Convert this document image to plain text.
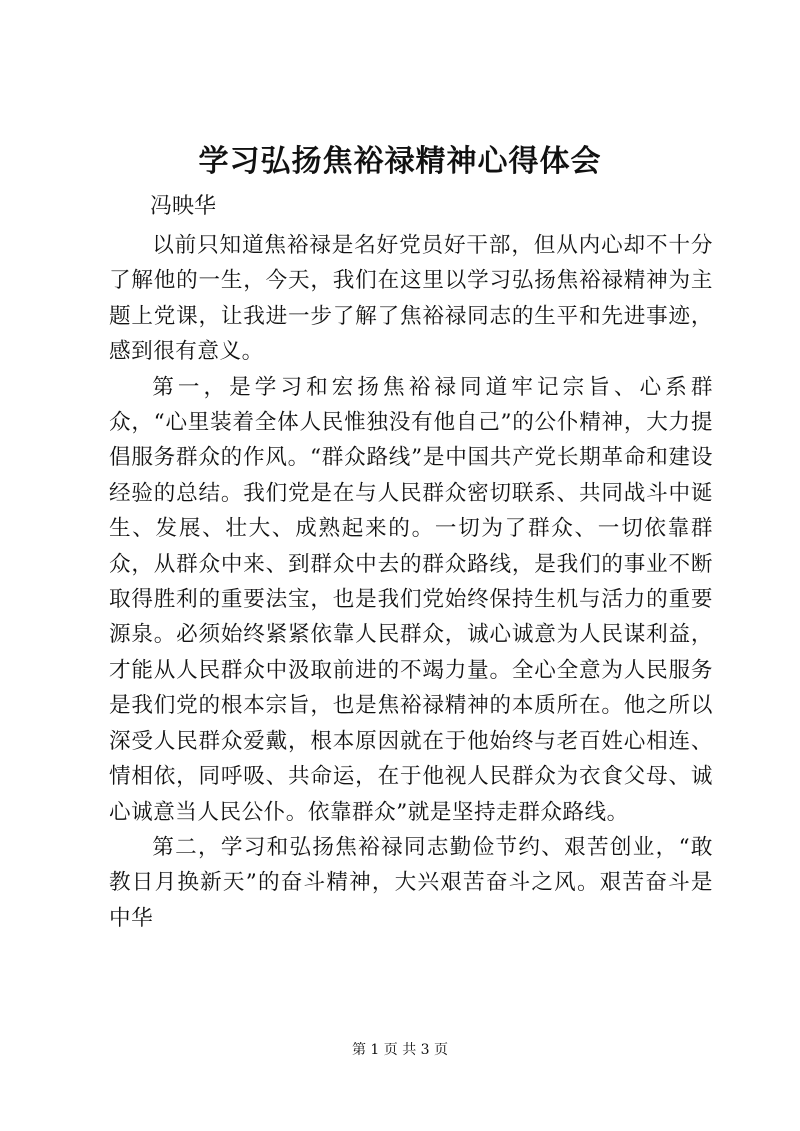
学习弘扬焦裕禄精神心得体会
冯映华

以前只知道焦裕禄是名好党员好干部，但从内心却不十分了解他的一生，今天，我们在这里以学习弘扬焦裕禄精神为主题上党课，让我进一步了解了焦裕禄同志的生平和先进事迹，感到很有意义。

第一，是学习和宏扬焦裕禄同道牢记宗旨、心系群众，“心里装着全体人民惟独没有他自己”的公仆精神，大力提倡服务群众的作风。“群众路线”是中国共产党长期革命和建设经验的总结。我们党是在与人民群众密切联系、共同战斗中诞生、发展、壮大、成熟起来的。一切为了群众、一切依靠群众，从群众中来、到群众中去的群众路线，是我们的事业不断取得胜利的重要法宝，也是我们党始终保持生机与活力的重要源泉。必须始终紧紧依靠人民群众，诚心诚意为人民谋利益，才能从人民群众中汲取前进的不竭力量。全心全意为人民服务是我们党的根本宗旨，也是焦裕禄精神的本质所在。他之所以深受人民群众爱戴，根本原因就在于他始终与老百姓心相连、情相依，同呼吸、共命运，在于他视人民群众为衣食父母、诚心诚意当人民公仆。依靠群众”就是坚持走群众路线。

第二，学习和弘扬焦裕禄同志勤俭节约、艰苦创业，“敢教日月换新天”的奋斗精神，大兴艰苦奋斗之风。艰苦奋斗是中华

第 1 页 共 3 页
